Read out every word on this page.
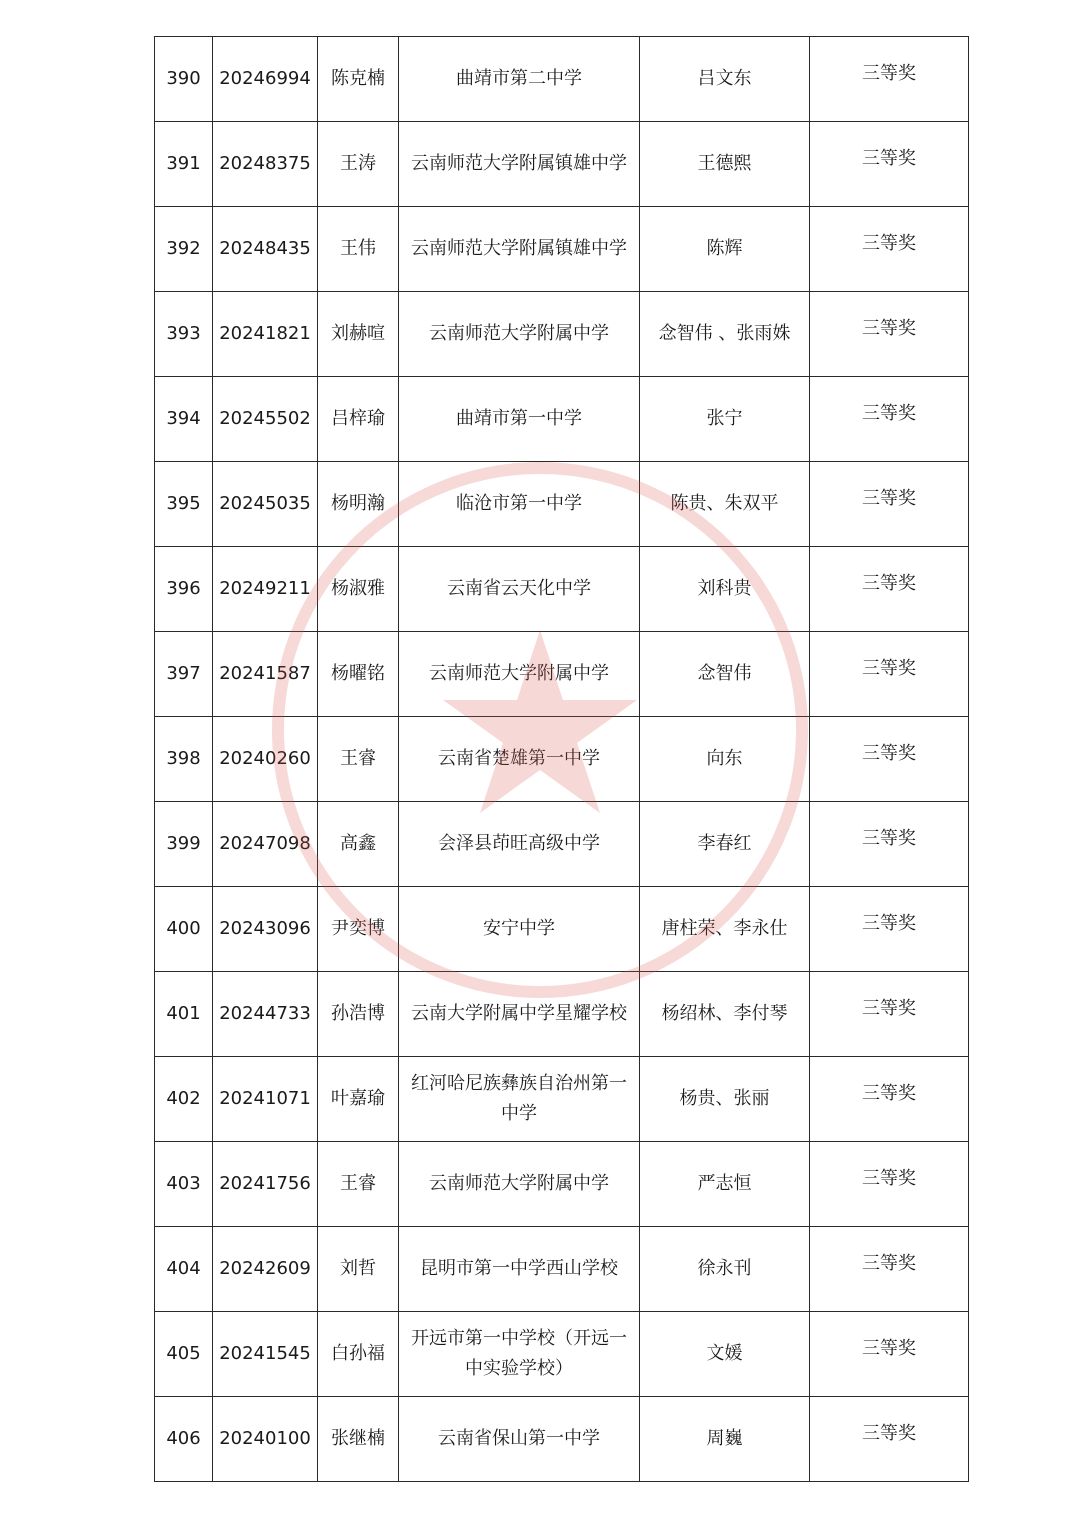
390	20246994	陈克楠	曲靖市第二中学	吕文东	三等奖
391	20248375	王涛	云南师范大学附属镇雄中学	王德熙	三等奖
392	20248435	王伟	云南师范大学附属镇雄中学	陈辉	三等奖
393	20241821	刘赫喧	云南师范大学附属中学	念智伟 、张雨姝	三等奖
394	20245502	吕梓瑜	曲靖市第一中学	张宁	三等奖
395	20245035	杨明瀚	临沧市第一中学	陈贵、朱双平	三等奖
396	20249211	杨淑雅	云南省云天化中学	刘科贵	三等奖
397	20241587	杨曜铭	云南师范大学附属中学	念智伟	三等奖
398	20240260	王睿	云南省楚雄第一中学	向东	三等奖
399	20247098	高鑫	会泽县茚旺高级中学	李春红	三等奖
400	20243096	尹奕博	安宁中学	唐柱荣、李永仕	三等奖
401	20244733	孙浩博	云南大学附属中学星耀学校	杨绍林、李付琴	三等奖
402	20241071	叶嘉瑜	红河哈尼族彝族自治州第一中学	杨贵、张丽	三等奖
403	20241756	王睿	云南师范大学附属中学	严志恒	三等奖
404	20242609	刘哲	昆明市第一中学西山学校	徐永刊	三等奖
405	20241545	白孙福	开远市第一中学校（开远一中实验学校）	文媛	三等奖
406	20240100	张继楠	云南省保山第一中学	周巍	三等奖
